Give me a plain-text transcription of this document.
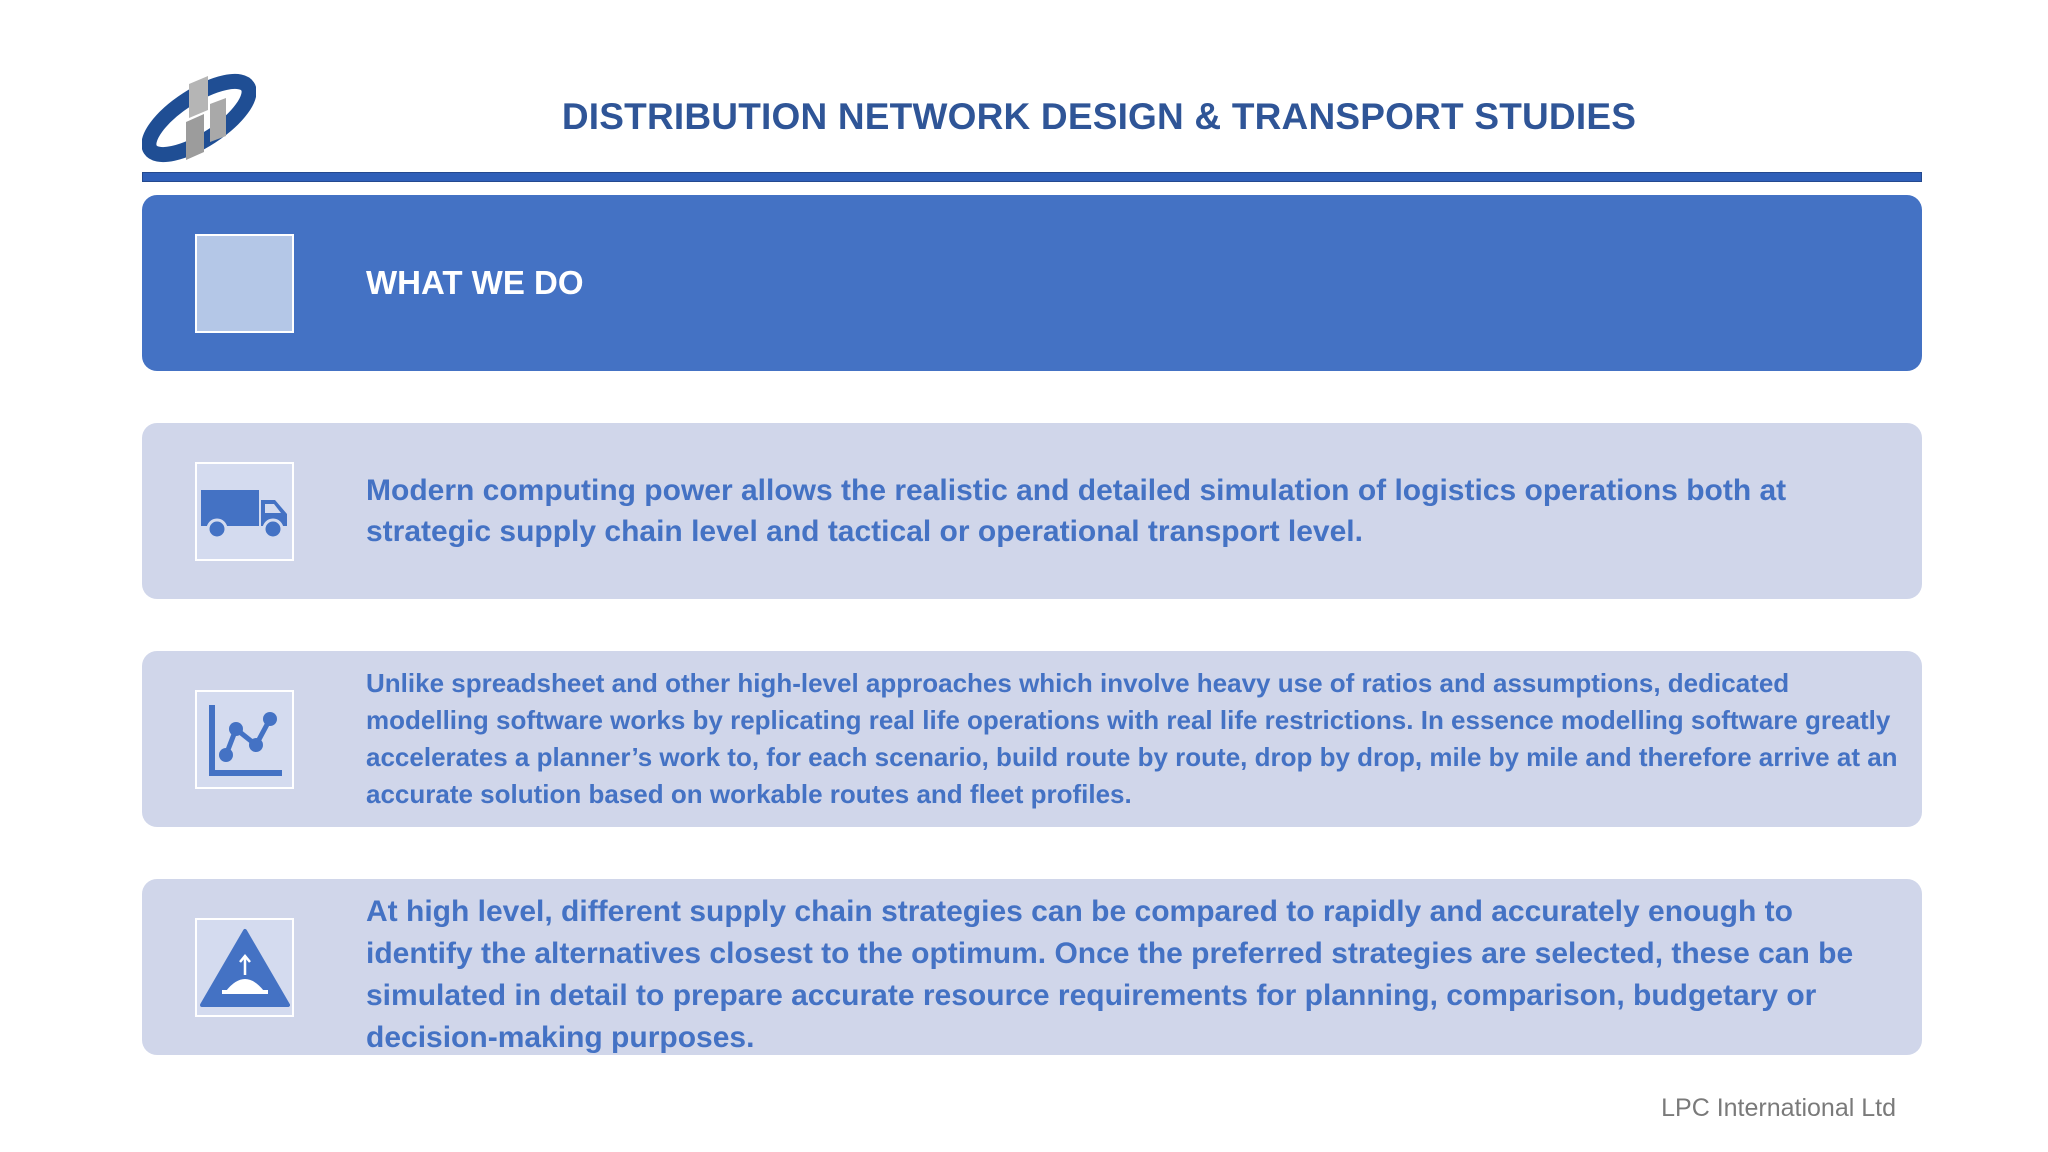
DISTRIBUTION NETWORK DESIGN & TRANSPORT STUDIES
WHAT WE DO
Modern computing power allows the realistic and detailed simulation of logistics operations both at strategic supply chain level and tactical or operational transport level.
Unlike spreadsheet and other high-level approaches which involve heavy use of ratios and assumptions, dedicated modelling software works by replicating real life operations with real life restrictions. In essence modelling software greatly accelerates a planner’s work to, for each scenario, build route by route, drop by drop, mile by mile and therefore arrive at an accurate solution based on workable routes and fleet profiles.
At high level, different supply chain strategies can be compared to rapidly and accurately enough to identify the alternatives closest to the optimum. Once the preferred strategies are selected, these can be simulated in detail to prepare accurate resource requirements for planning, comparison, budgetary or decision-making purposes.
LPC International Ltd
